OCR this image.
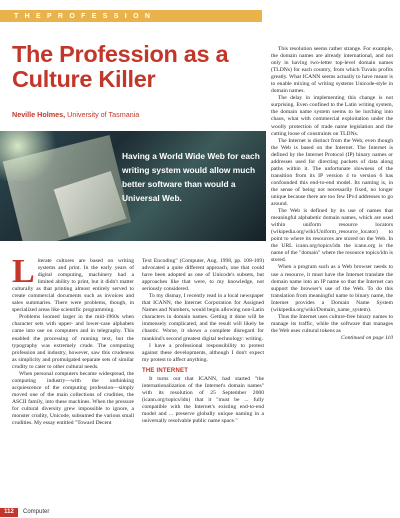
T H E P R O F E S S I O N
The Profession as a Culture Killer
Neville Holmes, University of Tasmania
Having a World Wide Web for each writing system would allow much better software than would a Universal Web.

Literate cultures are based on writing systems and print. In the early years of digital computing, machinery had a limited ability to print, but it didn't matter culturally as that printing almost entirely served to create commercial documents such as invoices and sales summaries. There were problems, though, in specialized areas like scientific programming.

Problems loomed larger in the mid-1960s when character sets with upper- and lower-case alphabets came into use on computers and in telegraphy. This enabled the processing of running text, but the typography was extremely crude. The computing profession and industry, however, saw this crudeness as simplicity and promulgated separate sets of similar crudity to cater to other cultural needs.

When personal computers became widespread, the computing industry—with the unthinking acquiescence of the computing profession—simply moved one of the main collections of crudities, the ASCII family, into these machines. When the pressure for cultural diversity grew impossible to ignore, a monster crudity, Unicode, subsumed the various small crudities. My essay entitled "Toward Decent

Text Encoding" (Computer, Aug. 1998, pp. 108-109) advocated a quite different approach, one that could have been adopted as one of Unicode's subsets, but approaches like that were, to my knowledge, not seriously considered.

To my dismay, I recently read in a local newspaper that ICANN, the Internet Corporation for Assigned Names and Numbers, would begin allowing non-Latin characters in domain names. Getting it done will be immensely complicated, and the result will likely be chaotic. Worse, it shows a complete disregard for mankind's second greatest digital technology: writing.

I have a professional responsibility to protest against these developments, although I don't expect my protest to affect anything.

THE INTERNET

It turns out that ICANN, had started "the internationalization of the Internet's domain names" with its resolution of 25 September 2000 (icann.org/topics/idn) that it "must be ... fully compatible with the Internet's existing end-to-end model and ... preserve globally unique naming in a universally resolvable public name space."

This resolution seems rather strange. For example, the domain names are already international, and not only in having two-letter top-level domain names (TLDNs) for each country, from which Tuvalu profits greatly. What ICANN seems actually to have meant is to enable mixing of writing systems Unicode-style in domain names.

The delay in implementing this change is not surprising. Even confined to the Latin writing system, the domain name system seems to be lurching into chaos, what with commercial exploitation under the woolly protection of trade name legislation and the cutting loose of constraints on TLDNs.

The Internet is distinct from the Web, even though the Web is based on the Internet. The Internet is defined by the Internet Protocol (IP) binary names or addresses used for directing packets of data along paths within it. The unfortunate slowness of the transition from its IP version 4 to version 6 has confounded this end-to-end model. Its naming is, in the sense of being not necessarily fixed, no longer unique because there are too few IPv4 addresses to go around.

The Web is defined by its use of names that meaningful alphabetic domain names, which are used within uniform resource locators (wikipedia.org/wiki/Uniform_resource_locator) to point to where its resources are stored on the Web. In the URL icann.org/topics/idn the icann.org is the name of the "domain" where the resource topics/idn is stored.

When a program such as a Web browser needs to use a resource, it must have the Internet translate the domain name into an IP name so that the Internet can support the browser's use of the Web. To do this translation from meaningful name to binary name, the Internet provides a Domain Name System (wikipedia.org/wiki/Domain_name_system).

Thus the Internet uses culture-free binary names to manage its traffic, while the software that manages the Web uses cultural tokens as

Continued on page 110

112	Computer
